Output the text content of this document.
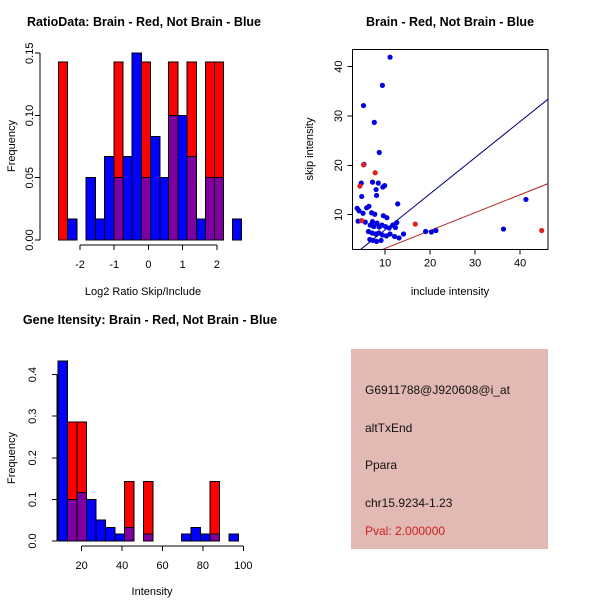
RatioData: Brain - Red, Not Brain - Blue
-2 -1 0	1	2
0.00
0.05
0.10
0.15
Log2 Ratio Skip/Include
Frequency
Brain - Red, Not Brain - Blue
10	20	30	40
10
20
30
40
include intensity
skip intensity
Gene Itensity: Brain - Red, Not Brain - Blue
20	40	60	80 100
0.0
0.1
0.2
0.3
0.4
Intensity
Frequency
G6911788@J920608@i_at
altTxEnd
Ppara
chr15.9234-1.23
Pval: 2.000000
